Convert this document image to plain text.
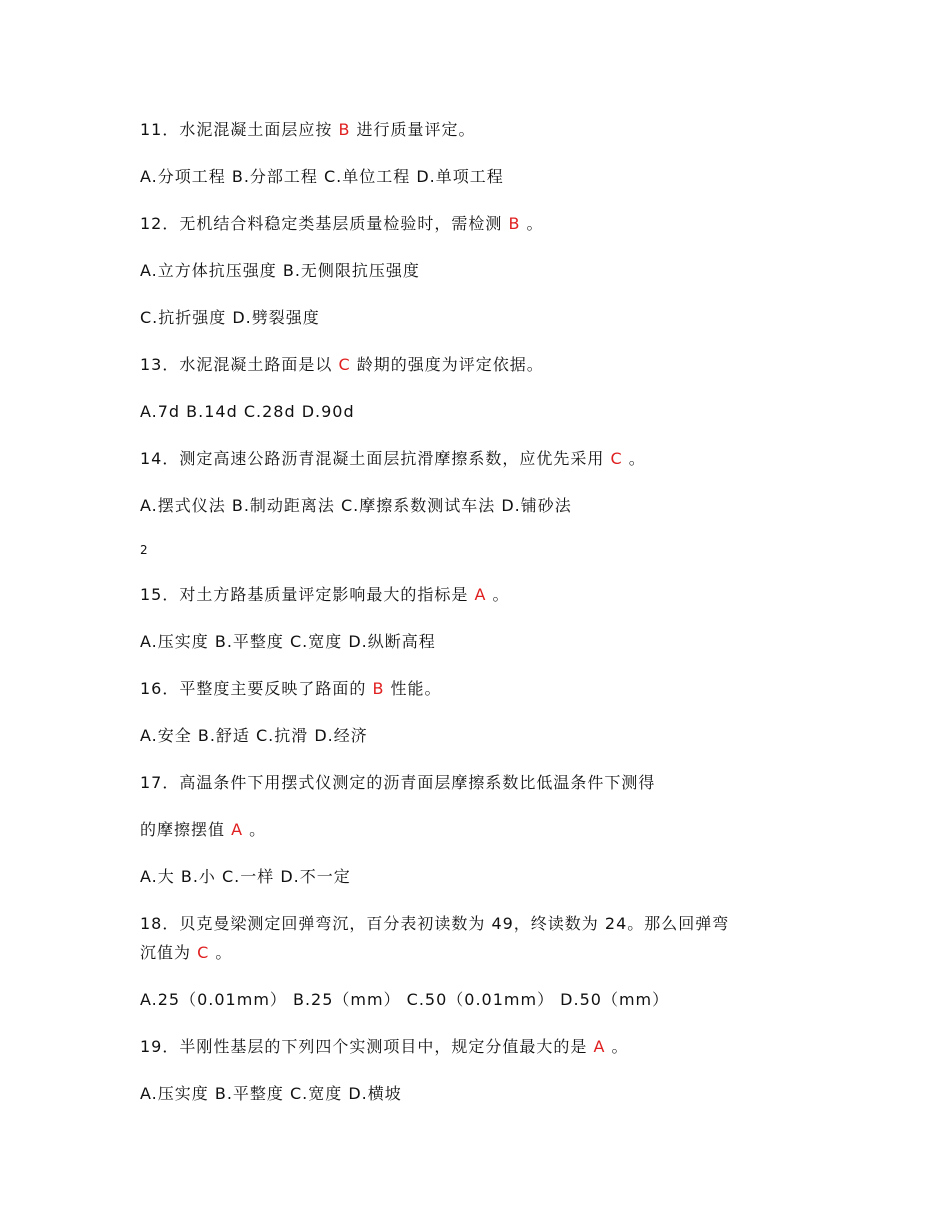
11．水泥混凝土面层应按 B 进行质量评定。
A.分项工程 B.分部工程 C.单位工程 D.单项工程
12．无机结合料稳定类基层质量检验时，需检测 B 。
A.立方体抗压强度 B.无侧限抗压强度
C.抗折强度 D.劈裂强度
13．水泥混凝土路面是以 C 龄期的强度为评定依据。
A.7d B.14d C.28d D.90d
14．测定高速公路沥青混凝土面层抗滑摩擦系数，应优先采用 C 。
A.摆式仪法 B.制动距离法 C.摩擦系数测试车法 D.铺砂法
2
15．对土方路基质量评定影响最大的指标是 A 。
A.压实度 B.平整度 C.宽度 D.纵断高程
16．平整度主要反映了路面的 B 性能。
A.安全 B.舒适 C.抗滑 D.经济
17．高温条件下用摆式仪测定的沥青面层摩擦系数比低温条件下测得
的摩擦摆值 A 。
A.大 B.小 C.一样 D.不一定
18．贝克曼梁测定回弹弯沉，百分表初读数为 49，终读数为 24。那么回弹弯
沉值为 C 。
A.25（0.01mm） B.25（mm） C.50（0.01mm） D.50（mm）
19．半刚性基层的下列四个实测项目中，规定分值最大的是 A 。
A.压实度 B.平整度 C.宽度 D.横坡
